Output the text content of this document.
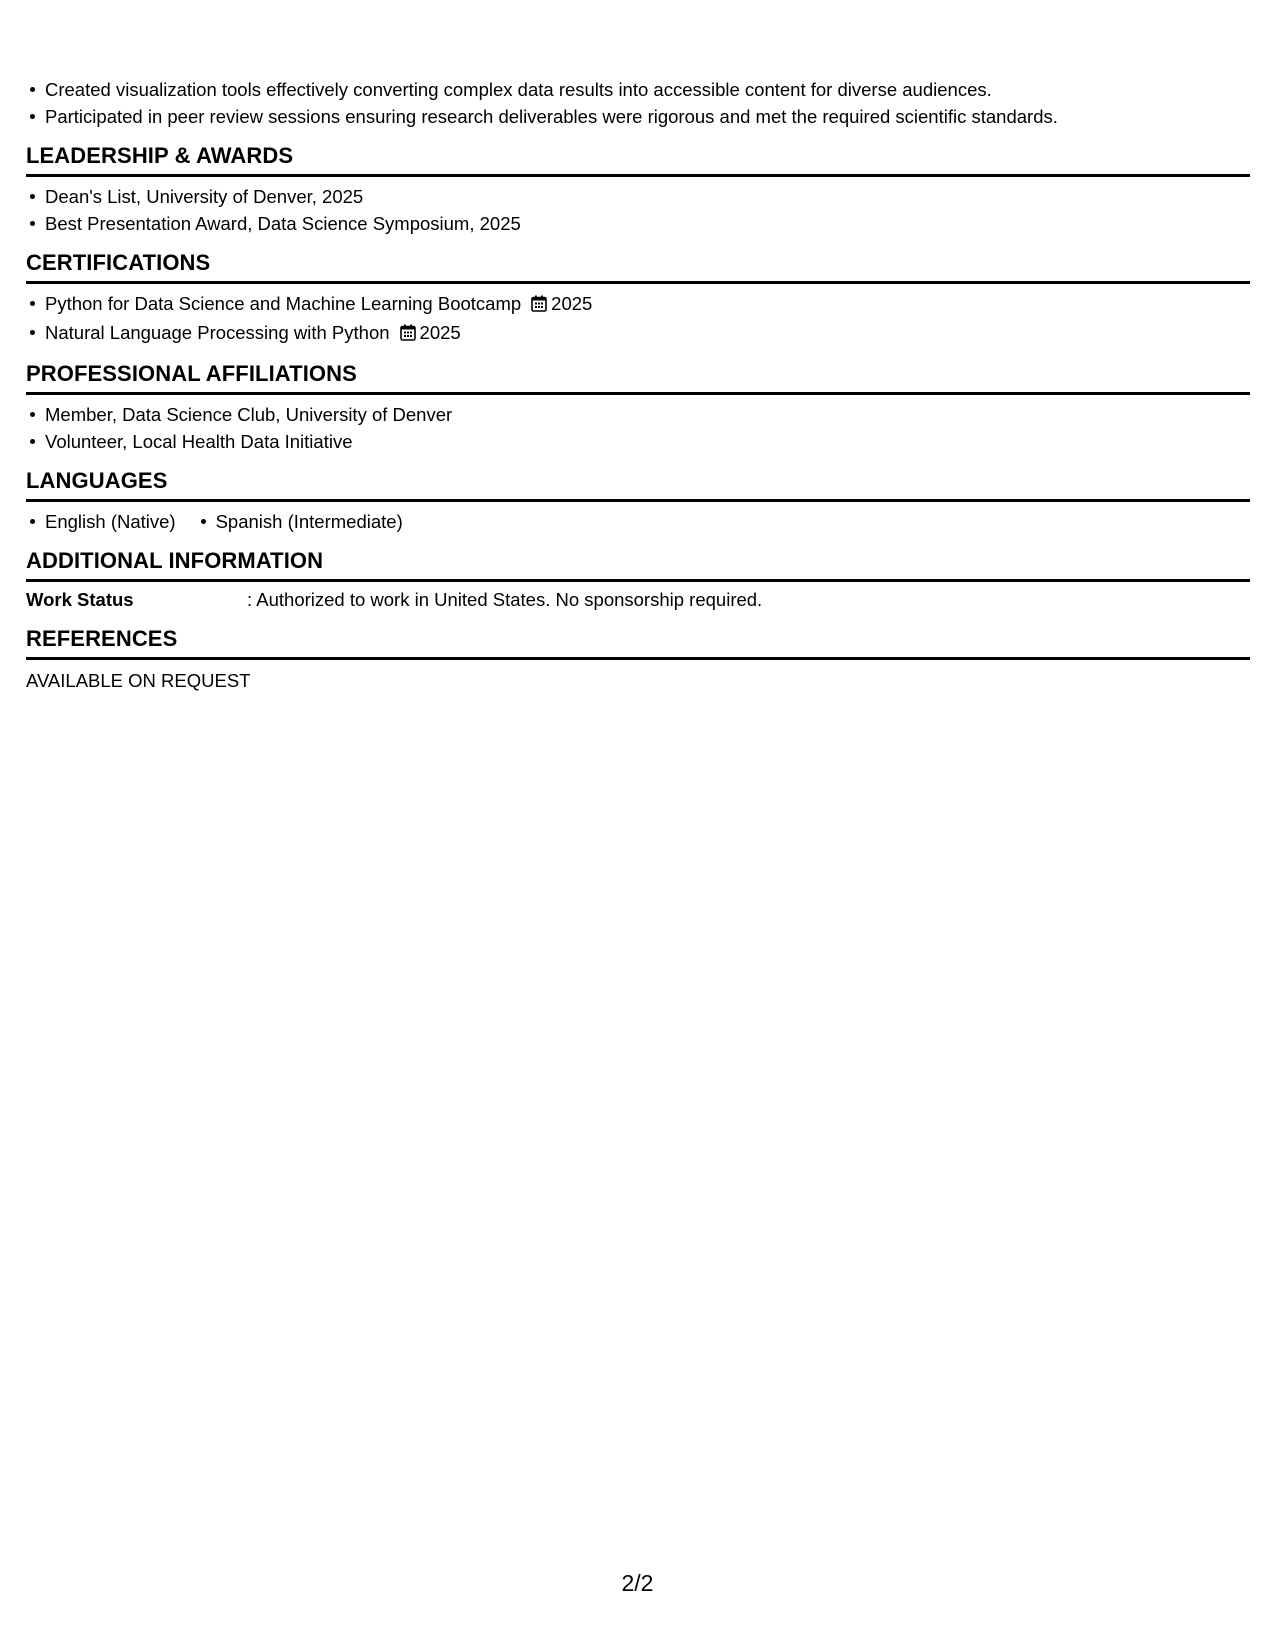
Created visualization tools effectively converting complex data results into accessible content for diverse audiences.
Participated in peer review sessions ensuring research deliverables were rigorous and met the required scientific standards.
LEADERSHIP & AWARDS
Dean's List, University of Denver, 2025
Best Presentation Award, Data Science Symposium, 2025
CERTIFICATIONS
Python for Data Science and Machine Learning Bootcamp 2025
Natural Language Processing with Python 2025
PROFESSIONAL AFFILIATIONS
Member, Data Science Club, University of Denver
Volunteer, Local Health Data Initiative
LANGUAGES
English (Native) Spanish (Intermediate)
ADDITIONAL INFORMATION
Work Status	: Authorized to work in United States. No sponsorship required.
REFERENCES
AVAILABLE ON REQUEST
2/2
